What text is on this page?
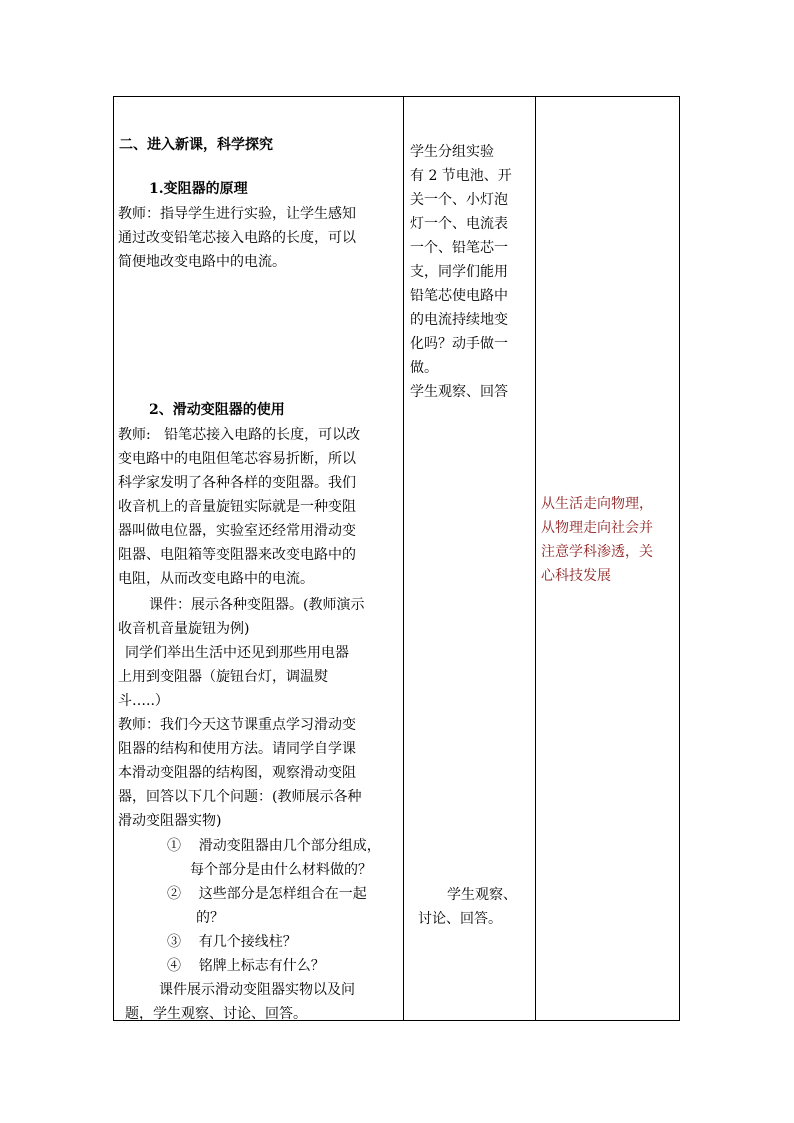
二、进入新课，科学探究
1.变阻器的原理
教师：指导学生进行实验，让学生感知
通过改变铅笔芯接入电路的长度，可以
简便地改变电路中的电流。
2、滑动变阻器的使用
教师:   铅笔芯接入电路的长度，可以改
变电路中的电阻但笔芯容易折断，所以
科学家发明了各种各样的变阻器。我们
收音机上的音量旋钮实际就是一种变阻
器叫做电位器，实验室还经常用滑动变
阻器、电阻箱等变阻器来改变电路中的
电阻，从而改变电路中的电流。
课件：展示各种变阻器。(教师演示
收音机音量旋钮为例)
同学们举出生活中还见到那些用电器
上用到变阻器（旋钮台灯，调温熨
斗…..）
教师：我们今天这节课重点学习滑动变
阻器的结构和使用方法。请同学自学课
本滑动变阻器的结构图，观察滑动变阻
器，回答以下几个问题：(教师展示各种
滑动变阻器实物)
①    滑动变阻器由几个部分组成，
每个部分是由什么材料做的？
②    这些部分是怎样组合在一起
的？
③    有几个接线柱？
④    铭牌上标志有什么？
课件展示滑动变阻器实物以及问
题，学生观察、讨论、回答。
学生分组实验
有 2 节电池、开
关一个、小灯泡
灯一个、电流表
一个、铅笔芯一
支，同学们能用
铅笔芯使电路中
的电流持续地变
化吗？动手做一
做。
学生观察、回答
学生观察、
讨论、回答。
从生活走向物理，
从物理走向社会并
注意学科渗透，关
心科技发展
